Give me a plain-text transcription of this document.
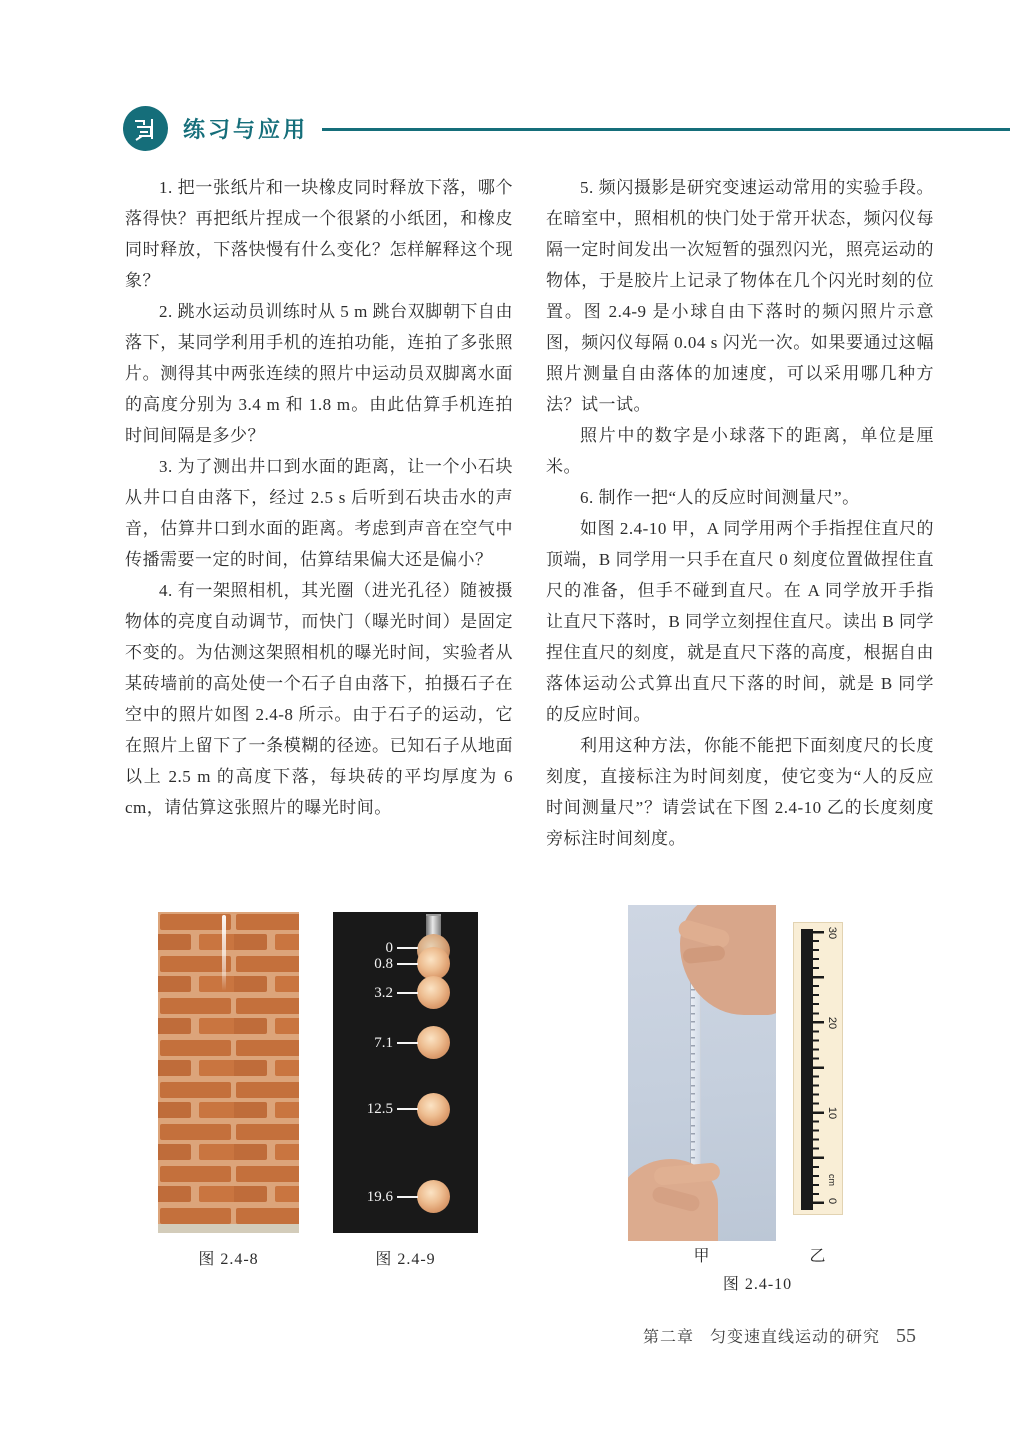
练习与应用

1. 把一张纸片和一块橡皮同时释放下落，哪个落得快？再把纸片捏成一个很紧的小纸团，和橡皮同时释放，下落快慢有什么变化？怎样解释这个现象？

2. 跳水运动员训练时从 5 m 跳台双脚朝下自由落下，某同学利用手机的连拍功能，连拍了多张照片。测得其中两张连续的照片中运动员双脚离水面的高度分别为 3.4 m 和 1.8 m。由此估算手机连拍时间间隔是多少？

3. 为了测出井口到水面的距离，让一个小石块从井口自由落下，经过 2.5 s 后听到石块击水的声音，估算井口到水面的距离。考虑到声音在空气中传播需要一定的时间，估算结果偏大还是偏小？

4. 有一架照相机，其光圈（进光孔径）随被摄物体的亮度自动调节，而快门（曝光时间）是固定不变的。为估测这架照相机的曝光时间，实验者从某砖墙前的高处使一个石子自由落下，拍摄石子在空中的照片如图 2.4-8 所示。由于石子的运动，它在照片上留下了一条模糊的径迹。已知石子从地面以上 2.5 m 的高度下落，每块砖的平均厚度为 6 cm，请估算这张照片的曝光时间。

5. 频闪摄影是研究变速运动常用的实验手段。在暗室中，照相机的快门处于常开状态，频闪仪每隔一定时间发出一次短暂的强烈闪光，照亮运动的物体，于是胶片上记录了物体在几个闪光时刻的位置。图 2.4-9 是小球自由下落时的频闪照片示意图，频闪仪每隔 0.04 s 闪光一次。如果要通过这幅照片测量自由落体的加速度，可以采用哪几种方法？试一试。

照片中的数字是小球落下的距离，单位是厘米。

6. 制作一把“人的反应时间测量尺”。

如图 2.4-10 甲，A 同学用两个手指捏住直尺的顶端，B 同学用一只手在直尺 0 刻度位置做捏住直尺的准备，但手不碰到直尺。在 A 同学放开手指让直尺下落时，B 同学立刻捏住直尺。读出 B 同学捏住直尺的刻度，就是直尺下落的高度，根据自由落体运动公式算出直尺下落的时间，就是 B 同学的反应时间。

利用这种方法，你能不能把下面刻度尺的长度刻度，直接标注为时间刻度，使它变为“人的反应时间测量尺”？请尝试在下图 2.4-10 乙的长度刻度旁标注时间刻度。

0
0.8
3.2
7.1
12.5
19.6
30
20
10
0
cm
图 2.4-8	图 2.4-9	甲	乙
图 2.4-10
第二章 匀变速直线运动的研究 55
